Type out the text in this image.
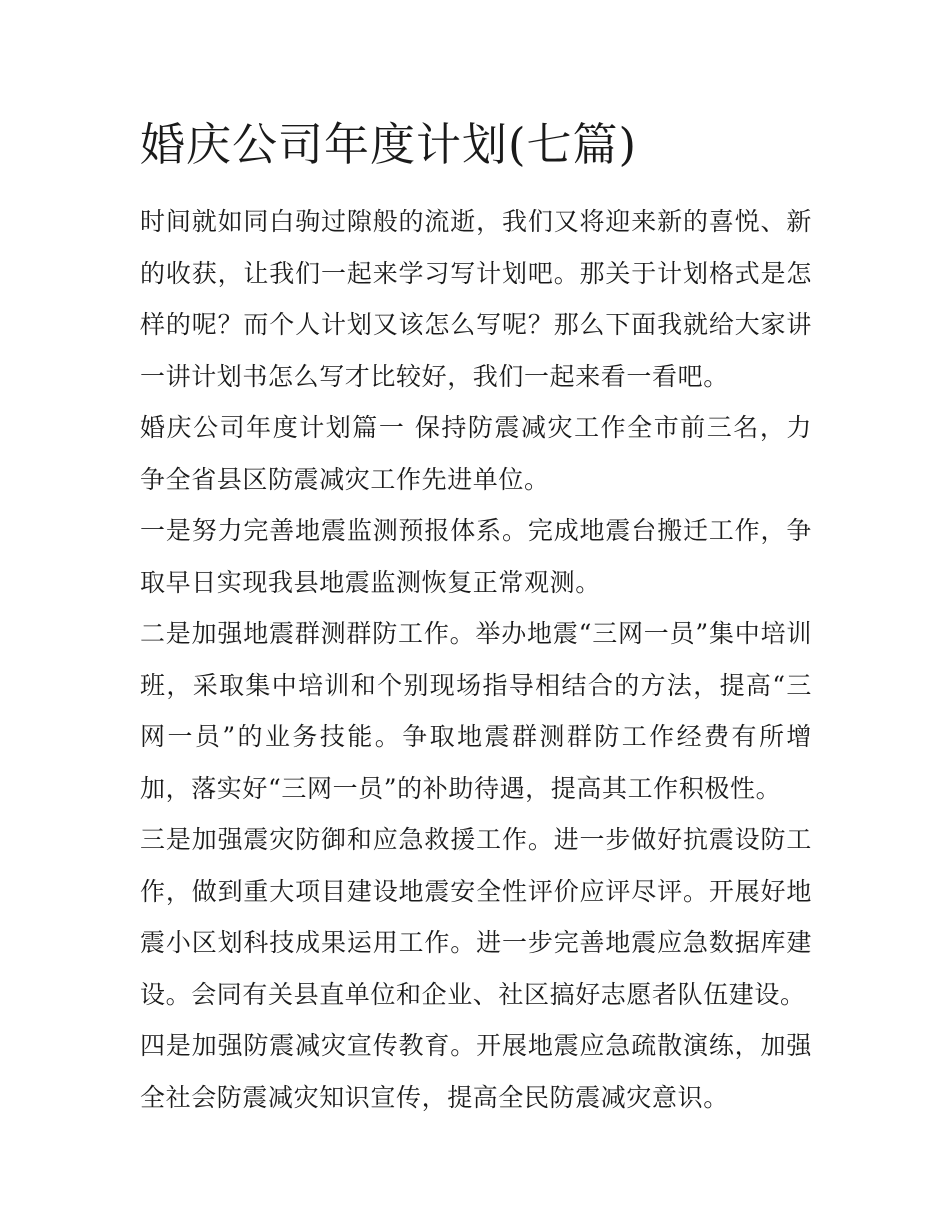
婚庆公司年度计划(七篇)

时间就如同白驹过隙般的流逝，我们又将迎来新的喜悦、新的收获，让我们一起来学习写计划吧。那关于计划格式是怎样的呢？而个人计划又该怎么写呢？那么下面我就给大家讲一讲计划书怎么写才比较好，我们一起来看一看吧。

婚庆公司年度计划篇一 保持防震减灾工作全市前三名，力争全省县区防震减灾工作先进单位。

一是努力完善地震监测预报体系。完成地震台搬迁工作，争取早日实现我县地震监测恢复正常观测。

二是加强地震群测群防工作。举办地震“三网一员”集中培训班，采取集中培训和个别现场指导相结合的方法，提高“三网一员”的业务技能。争取地震群测群防工作经费有所增加，落实好“三网一员”的补助待遇，提高其工作积极性。

三是加强震灾防御和应急救援工作。进一步做好抗震设防工作，做到重大项目建设地震安全性评价应评尽评。开展好地震小区划科技成果运用工作。进一步完善地震应急数据库建设。会同有关县直单位和企业、社区搞好志愿者队伍建设。

四是加强防震减灾宣传教育。开展地震应急疏散演练，加强全社会防震减灾知识宣传，提高全民防震减灾意识。
